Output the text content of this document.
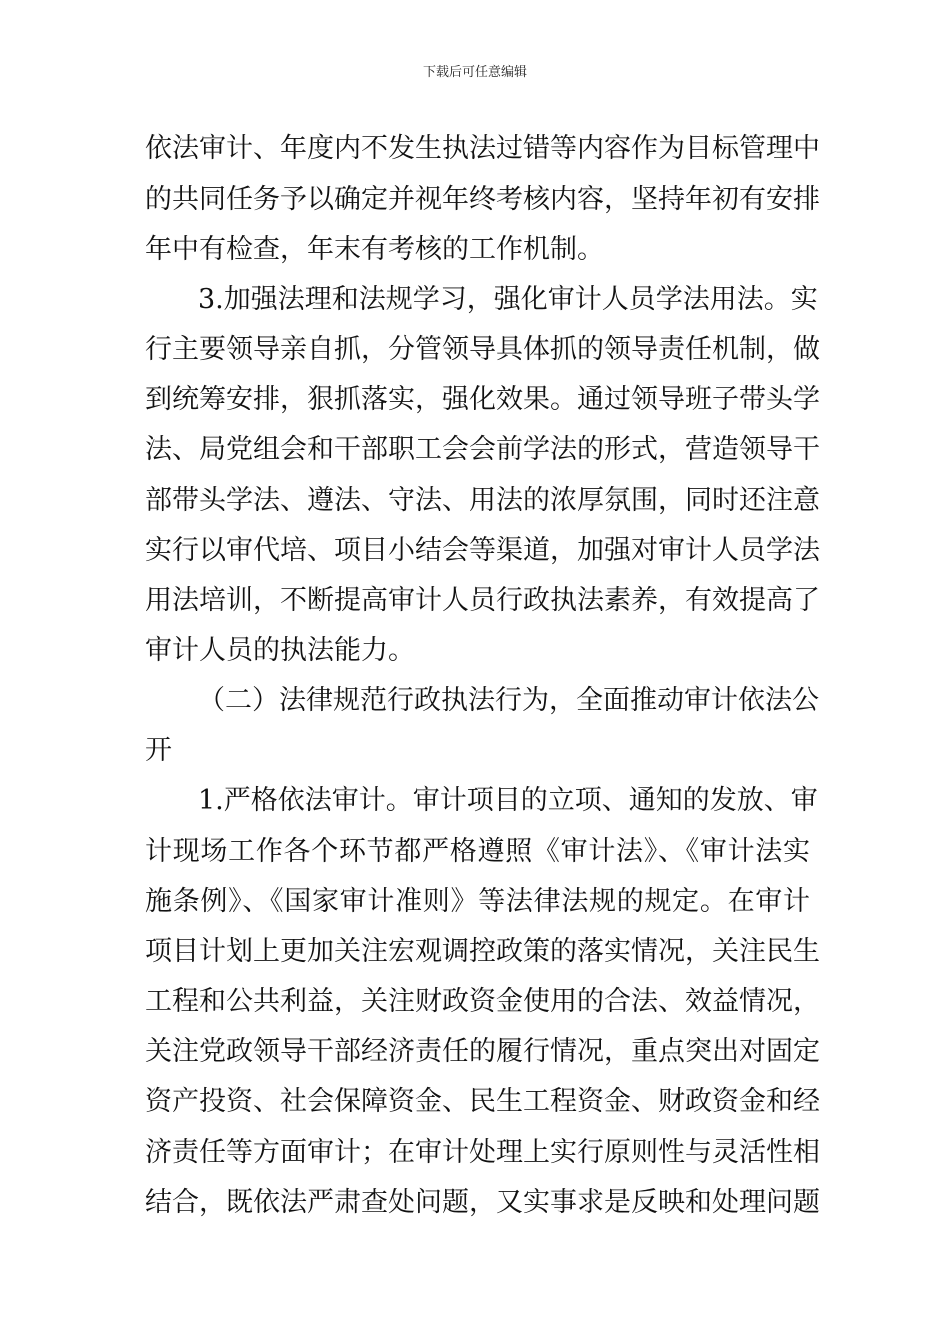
下载后可任意编辑
依法审计、年度内不发生执法过错等内容作为目标管理中
的共同任务予以确定并视年终考核内容，坚持年初有安排
年中有检查，年末有考核的工作机制。
3.加强法理和法规学习，强化审计人员学法用法。实
行主要领导亲自抓，分管领导具体抓的领导责任机制，做
到统筹安排，狠抓落实，强化效果。通过领导班子带头学
法、局党组会和干部职工会会前学法的形式，营造领导干
部带头学法、遵法、守法、用法的浓厚氛围，同时还注意
实行以审代培、项目小结会等渠道，加强对审计人员学法
用法培训，不断提高审计人员行政执法素养，有效提高了
审计人员的执法能力。
（二）法律规范行政执法行为，全面推动审计依法公
开
1.严格依法审计。审计项目的立项、通知的发放、审
计现场工作各个环节都严格遵照《审计法》、《审计法实
施条例》、《国家审计准则》等法律法规的规定。在审计
项目计划上更加关注宏观调控政策的落实情况，关注民生
工程和公共利益，关注财政资金使用的合法、效益情况，
关注党政领导干部经济责任的履行情况，重点突出对固定
资产投资、社会保障资金、民生工程资金、财政资金和经
济责任等方面审计；在审计处理上实行原则性与灵活性相
结合，既依法严肃查处问题，又实事求是反映和处理问题
